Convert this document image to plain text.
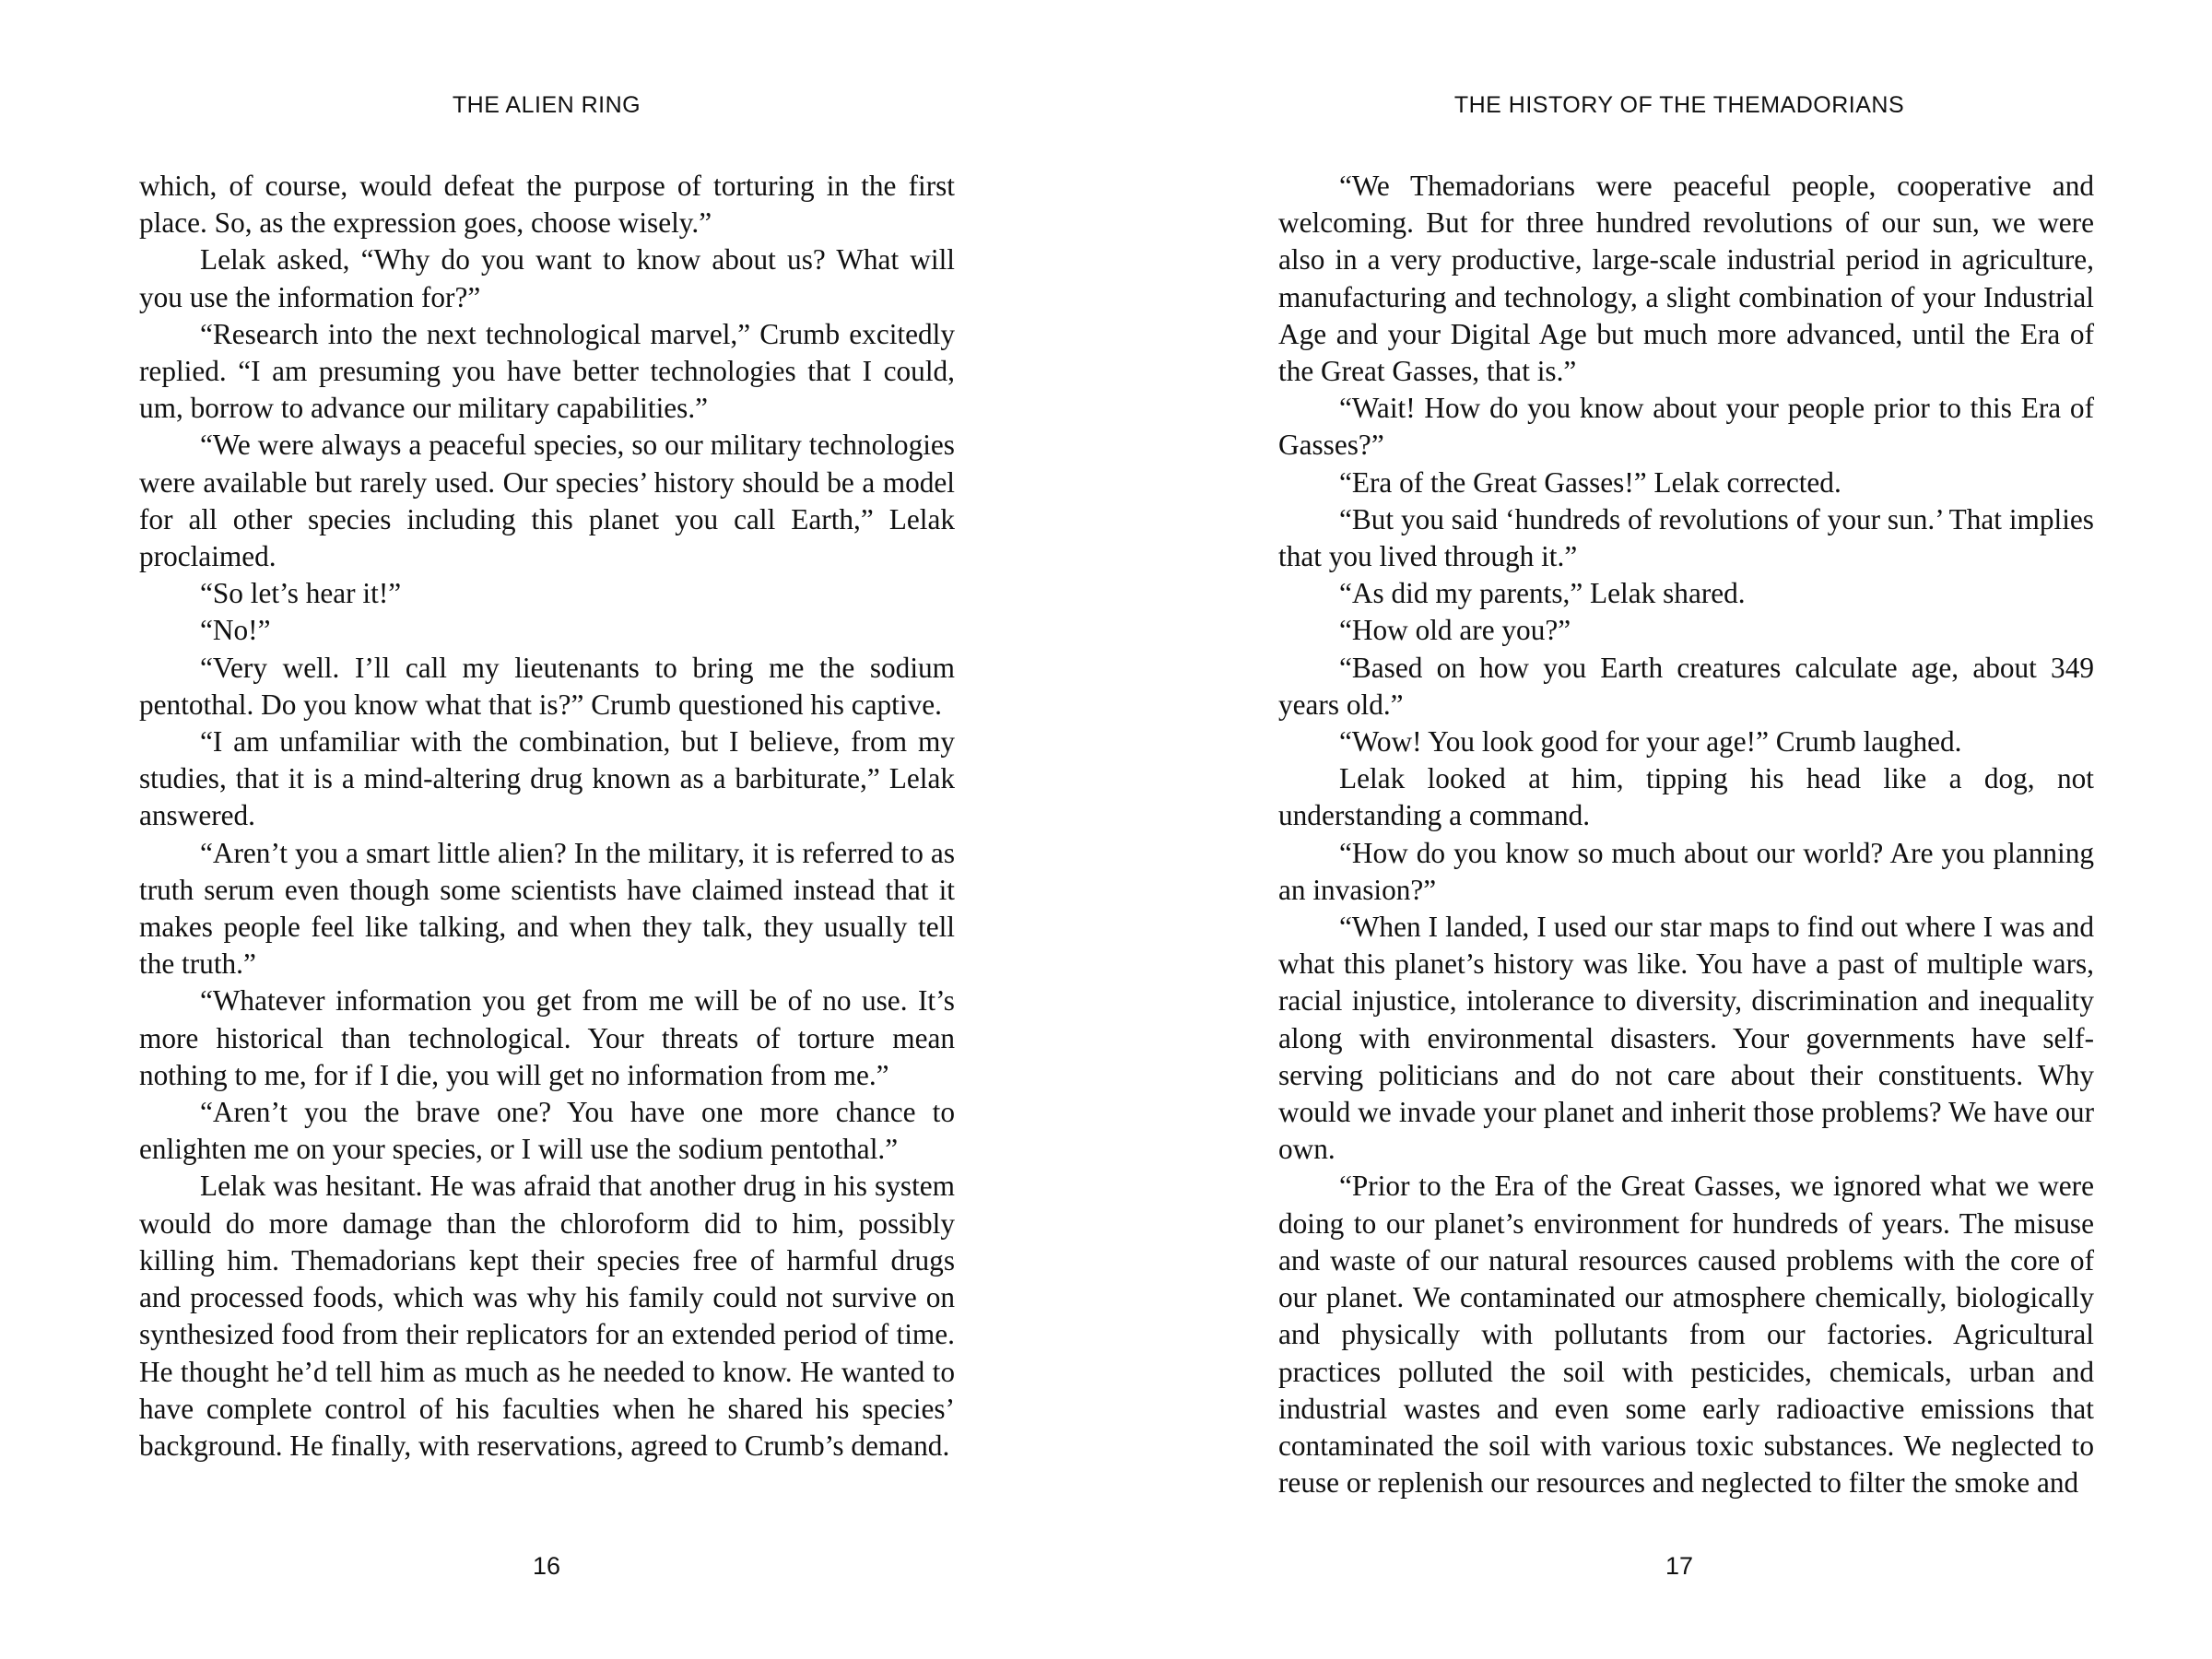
THE ALIEN RING

which, of course, would defeat the purpose of torturing in the first place. So, as the expression goes, choose wisely.”

Lelak asked, “Why do you want to know about us? What will you use the information for?”

“Research into the next technological marvel,” Crumb excitedly replied. “I am presuming you have better technologies that I could, um, borrow to advance our military capabilities.”

“We were always a peaceful species, so our military technologies were available but rarely used. Our species’ history should be a model for all other species including this planet you call Earth,” Lelak proclaimed.

“So let’s hear it!”

“No!”

“Very well. I’ll call my lieutenants to bring me the sodium pentothal. Do you know what that is?” Crumb questioned his captive.

“I am unfamiliar with the combination, but I believe, from my studies, that it is a mind-altering drug known as a barbiturate,” Lelak answered.

“Aren’t you a smart little alien? In the military, it is referred to as truth serum even though some scientists have claimed instead that it makes people feel like talking, and when they talk, they usually tell the truth.”

“Whatever information you get from me will be of no use. It’s more historical than technological. Your threats of torture mean nothing to me, for if I die, you will get no information from me.”

“Aren’t you the brave one? You have one more chance to enlighten me on your species, or I will use the sodium pentothal.”

Lelak was hesitant. He was afraid that another drug in his system would do more damage than the chloroform did to him, possibly killing him. Themadorians kept their species free of harmful drugs and processed foods, which was why his family could not survive on synthesized food from their replicators for an extended period of time. He thought he’d tell him as much as he needed to know. He wanted to have complete control of his faculties when he shared his species’ background. He finally, with reservations, agreed to Crumb’s demand.

16
THE HISTORY OF THE THEMADORIANS

“We Themadorians were peaceful people, cooperative and welcoming. But for three hundred revolutions of our sun, we were also in a very productive, large-scale industrial period in agriculture, manufacturing and technology, a slight combination of your Industrial Age and your Digital Age but much more advanced, until the Era of the Great Gasses, that is.”

“Wait! How do you know about your people prior to this Era of Gasses?”

“Era of the Great Gasses!” Lelak corrected.

“But you said ‘hundreds of revolutions of your sun.’ That implies that you lived through it.”

“As did my parents,” Lelak shared.

“How old are you?”

“Based on how you Earth creatures calculate age, about 349 years old.”

“Wow! You look good for your age!” Crumb laughed.

Lelak looked at him, tipping his head like a dog, not understanding a command.

“How do you know so much about our world? Are you planning an invasion?”

“When I landed, I used our star maps to find out where I was and what this planet’s history was like. You have a past of multiple wars, racial injustice, intolerance to diversity, discrimination and inequality along with environmental disasters. Your governments have self-serving politicians and do not care about their constituents. Why would we invade your planet and inherit those problems? We have our own.

“Prior to the Era of the Great Gasses, we ignored what we were doing to our planet’s environment for hundreds of years. The misuse and waste of our natural resources caused problems with the core of our planet. We contaminated our atmosphere chemically, biologically and physically with pollutants from our factories. Agricultural practices polluted the soil with pesticides, chemicals, urban and industrial wastes and even some early radioactive emissions that contaminated the soil with various toxic substances. We neglected to reuse or replenish our resources and neglected to filter the smoke and

17
